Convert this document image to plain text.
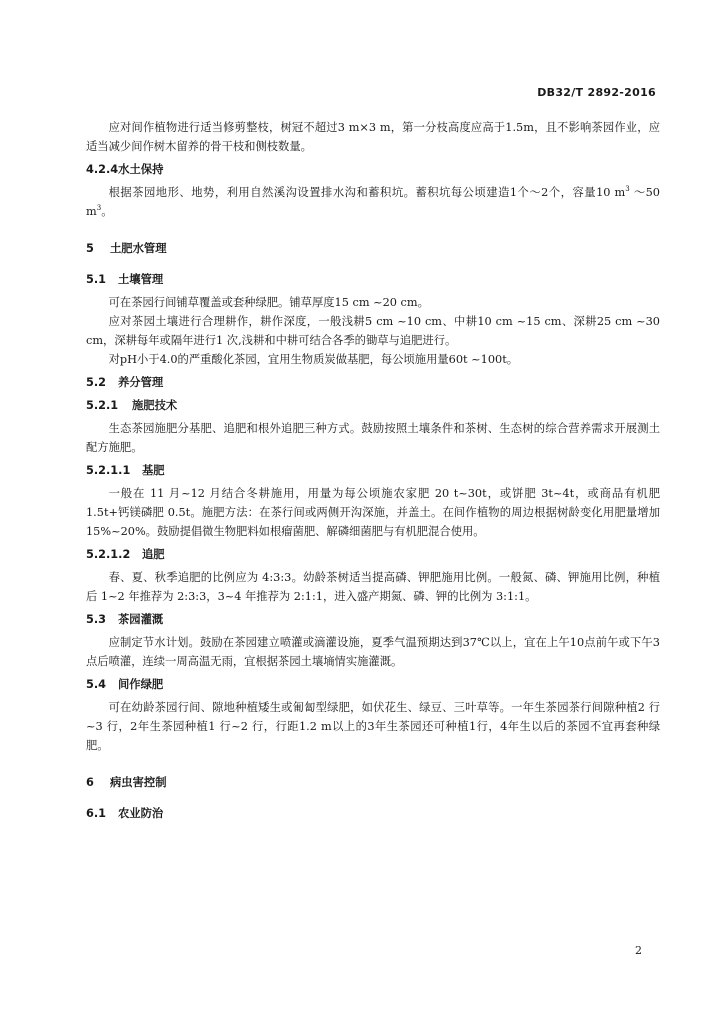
DB32/T 2892-2016

应对间作植物进行适当修剪整枝，树冠不超过3 m×3 m，第一分枝高度应高于1.5m，且不影响茶园作业，应适当减少间作树木留养的骨干枝和侧枝数量。

4.2.4水土保持

根据茶园地形、地势，利用自然溪沟设置排水沟和蓄积坑。蓄积坑每公顷建造1个～2个，容量10 $m^3$ ～50 $m^3$。

5 土肥水管理

5.1 土壤管理

可在茶园行间铺草覆盖或套种绿肥。铺草厚度15 cm ~20 cm。

应对茶园土壤进行合理耕作，耕作深度，一般浅耕5 cm ~10 cm、中耕10 cm ~15 cm、深耕25 cm ~30 cm，深耕每年或隔年进行1 次,浅耕和中耕可结合各季的锄草与追肥进行。

对pH小于4.0的严重酸化茶园，宜用生物质炭做基肥，每公顷施用量60t ~100t。

5.2 养分管理

5.2.1 施肥技术

生态茶园施肥分基肥、追肥和根外追肥三种方式。鼓励按照土壤条件和茶树、生态树的综合营养需求开展测土配方施肥。

5.2.1.1 基肥

一般在 11 月~12 月结合冬耕施用，用量为每公顷施农家肥 20 t~30t，或饼肥 3t~4t，或商品有机肥 1.5t+钙镁磷肥 0.5t。施肥方法：在茶行间或两侧开沟深施，并盖土。在间作植物的周边根据树龄变化用肥量增加 15%~20%。鼓励提倡微生物肥料如根瘤菌肥、解磷细菌肥与有机肥混合使用。

5.2.1.2 追肥

春、夏、秋季追肥的比例应为 4:3:3。幼龄茶树适当提高磷、钾肥施用比例。一般氮、磷、钾施用比例，种植后 1~2 年推荐为 2:3:3，3~4 年推荐为 2:1:1，进入盛产期氮、磷、钾的比例为 3:1:1。

5.3 茶园灌溉

应制定节水计划。鼓励在茶园建立喷灌或滴灌设施，夏季气温预期达到37℃以上，宜在上午10点前午或下午3点后喷灌，连续一周高温无雨，宜根据茶园土壤墒情实施灌溉。

5.4 间作绿肥

可在幼龄茶园行间、隙地种植矮生或匍匐型绿肥，如伏花生、绿豆、三叶草等。一年生茶园茶行间隙种植2 行~3 行，2年生茶园种植1 行~2 行，行距1.2 m以上的3年生茶园还可种植1行，4年生以后的茶园不宜再套种绿肥。

6 病虫害控制

6.1 农业防治

2
